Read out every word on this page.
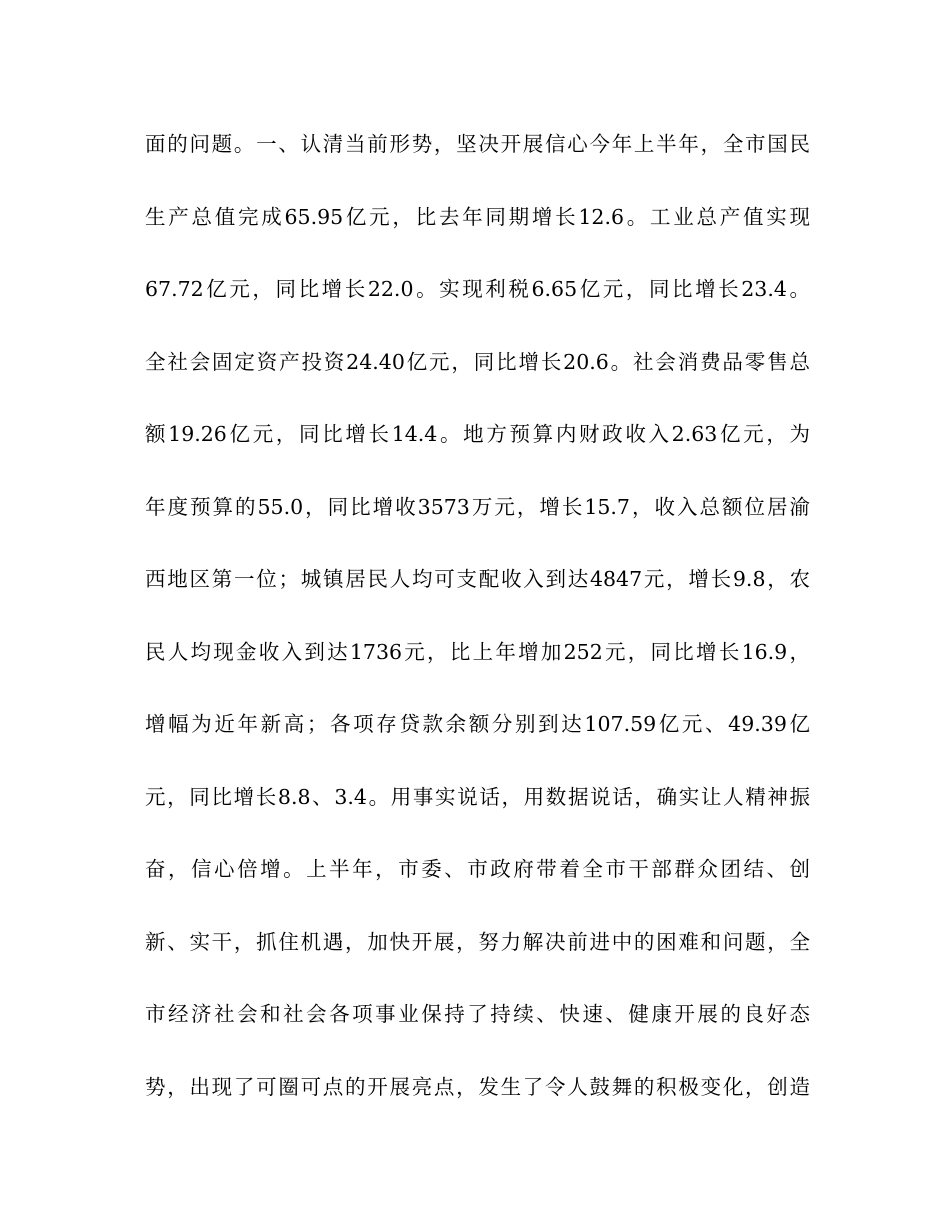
面的问题。一、认清当前形势，坚决开展信心今年上半年，全市国民
生产总值完成65.95亿元，比去年同期增长12.6。工业总产值实现
67.72亿元，同比增长22.0。实现利税6.65亿元，同比增长23.4。
全社会固定资产投资24.40亿元，同比增长20.6。社会消费品零售总
额19.26亿元，同比增长14.4。地方预算内财政收入2.63亿元，为
年度预算的55.0，同比增收3573万元，增长15.7，收入总额位居渝
西地区第一位；城镇居民人均可支配收入到达4847元，增长9.8，农
民人均现金收入到达1736元，比上年增加252元，同比增长16.9，
增幅为近年新高；各项存贷款余额分别到达107.59亿元、49.39亿
元，同比增长8.8、3.4。用事实说话，用数据说话，确实让人精神振
奋，信心倍增。上半年，市委、市政府带着全市干部群众团结、创
新、实干，抓住机遇，加快开展，努力解决前进中的困难和问题，全
市经济社会和社会各项事业保持了持续、快速、健康开展的良好态
势，出现了可圈可点的开展亮点，发生了令人鼓舞的积极变化，创造
